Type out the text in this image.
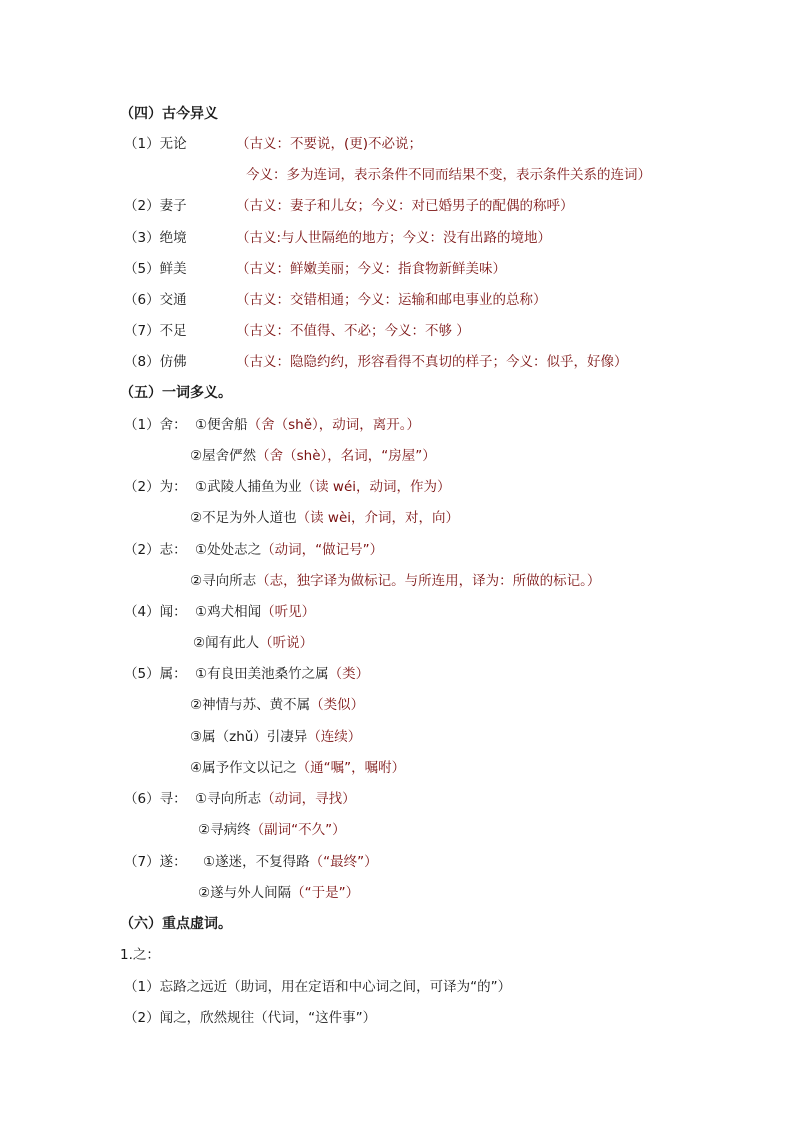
（四）古今异义
（1）无论	（古义：不要说，(更)不必说；
今义：多为连词，表示条件不同而结果不变，表示条件关系的连词）
（2）妻子	（古义：妻子和儿女；今义：对已婚男子的配偶的称呼）
（3）绝境	（古义:与人世隔绝的地方；今义：没有出路的境地）
（5）鲜美	（古义：鲜嫩美丽；今义：指食物新鲜美味）
（6）交通	（古义：交错相通；今义：运输和邮电事业的总称）
（7）不足	（古义：不值得、不必；今义：不够 ）
（8）仿佛	（古义：隐隐约约，形容看得不真切的样子；今义：似乎，好像）
（五）一词多义。
（1）舍： ①便舍船（舍（shě），动词，离开。）
②屋舍俨然（舍（shè），名词，“房屋”）
（2）为： ①武陵人捕鱼为业（读 wéi，动词，作为）
②不足为外人道也（读 wèi，介词，对，向）
（2）志： ①处处志之（动词，“做记号”）
②寻向所志（志，独字译为做标记。与所连用，译为：所做的标记。）
（4）闻： ①鸡犬相闻（听见）
②闻有此人（听说）
（5）属： ①有良田美池桑竹之属（类）
②神情与苏、黄不属（类似）
③属（zhǔ）引凄异（连续）
④属予作文以记之（通“嘱”，嘱咐）
（6）寻： ①寻向所志（动词，寻找）
②寻病终（副词“不久”）
（7）遂： ①遂迷，不复得路（“最终”）
②遂与外人间隔（“于是”）
（六）重点虚词。
1.之：
（1）忘路之远近（助词，用在定语和中心词之间，可译为“的”）
（2）闻之，欣然规往（代词，“这件事”）
